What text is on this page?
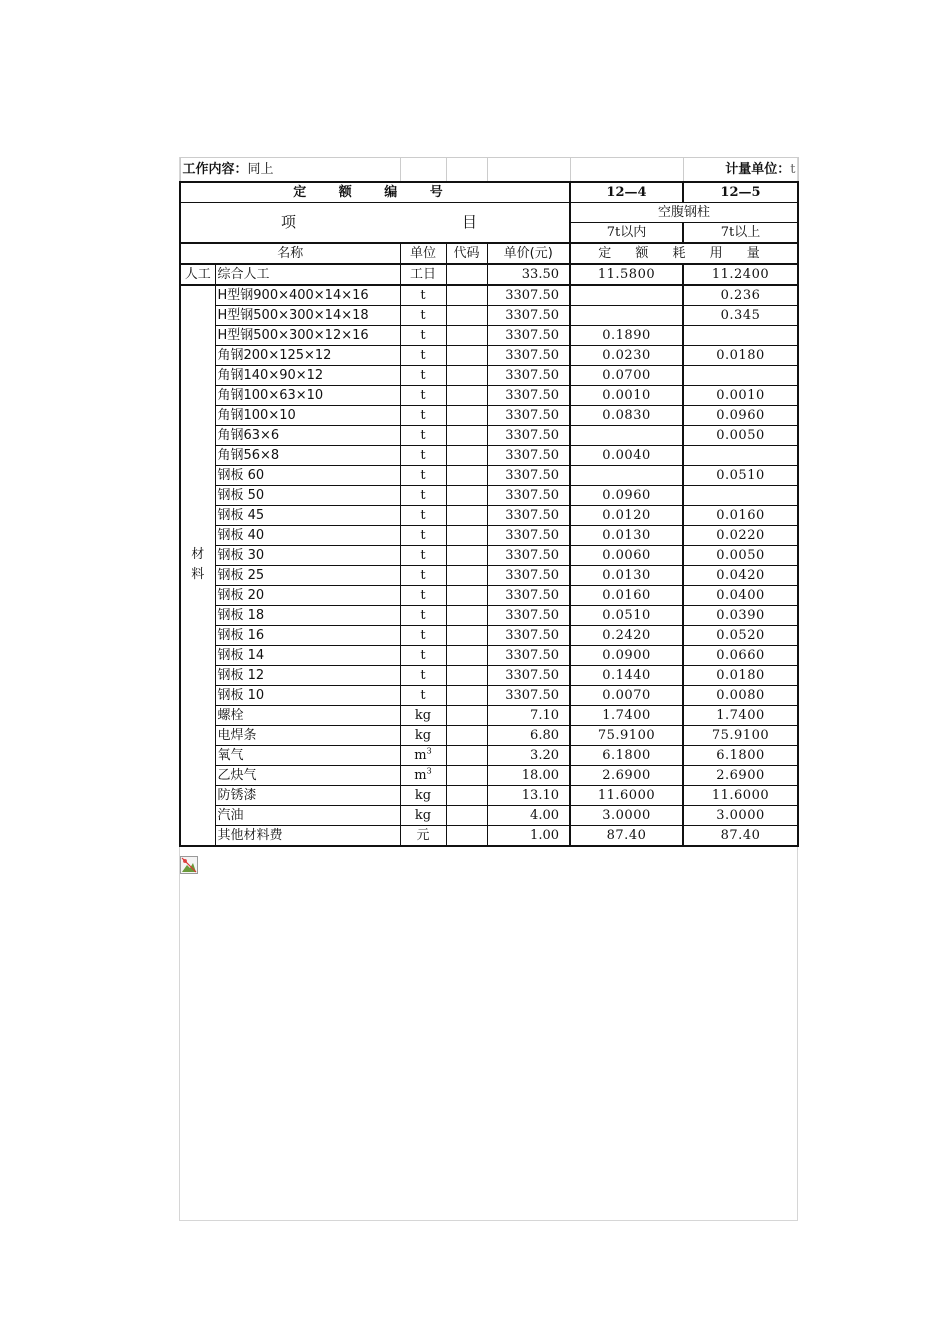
工作内容：同上						计量单位：t
定 额 编 号					12—4	12—5

项 目					空腹钢柱	
					7t以内	7t以上
名称		单位	代码	单价(元)	定 额 耗 用 量	
人工	综合人工	工日		33.50	11.5800	11.2400

材料	H型钢900×400×14×16	t		3307.50		0.236
	H型钢500×300×14×18	t		3307.50		0.345
	H型钢500×300×12×16	t		3307.50	0.1890	
	角钢200×125×12	t		3307.50	0.0230	0.0180
	角钢140×90×12	t		3307.50	0.0700	
	角钢100×63×10	t		3307.50	0.0010	0.0010
	角钢100×10	t		3307.50	0.0830	0.0960
	角钢63×6	t		3307.50		0.0050
	角钢56×8	t		3307.50	0.0040	
	钢板 60	t		3307.50		0.0510
	钢板 50	t		3307.50	0.0960	
	钢板 45	t		3307.50	0.0120	0.0160
	钢板 40	t		3307.50	0.0130	0.0220
	钢板 30	t		3307.50	0.0060	0.0050
	钢板 25	t		3307.50	0.0130	0.0420
	钢板 20	t		3307.50	0.0160	0.0400
	钢板 18	t		3307.50	0.0510	0.0390
	钢板 16	t		3307.50	0.2420	0.0520
	钢板 14	t		3307.50	0.0900	0.0660
	钢板 12	t		3307.50	0.1440	0.0180
	钢板 10	t		3307.50	0.0070	0.0080
	螺栓	kg		7.10	1.7400	1.7400
	电焊条	kg		6.80	75.9100	75.9100
	氧气	$m^3$		3.20	6.1800	6.1800
	乙炔气	$m^3$		18.00	2.6900	2.6900
	防锈漆	kg		13.10	11.6000	11.6000
	汽油	kg		4.00	3.0000	3.0000
	其他材料费	元		1.00	87.40	87.40
